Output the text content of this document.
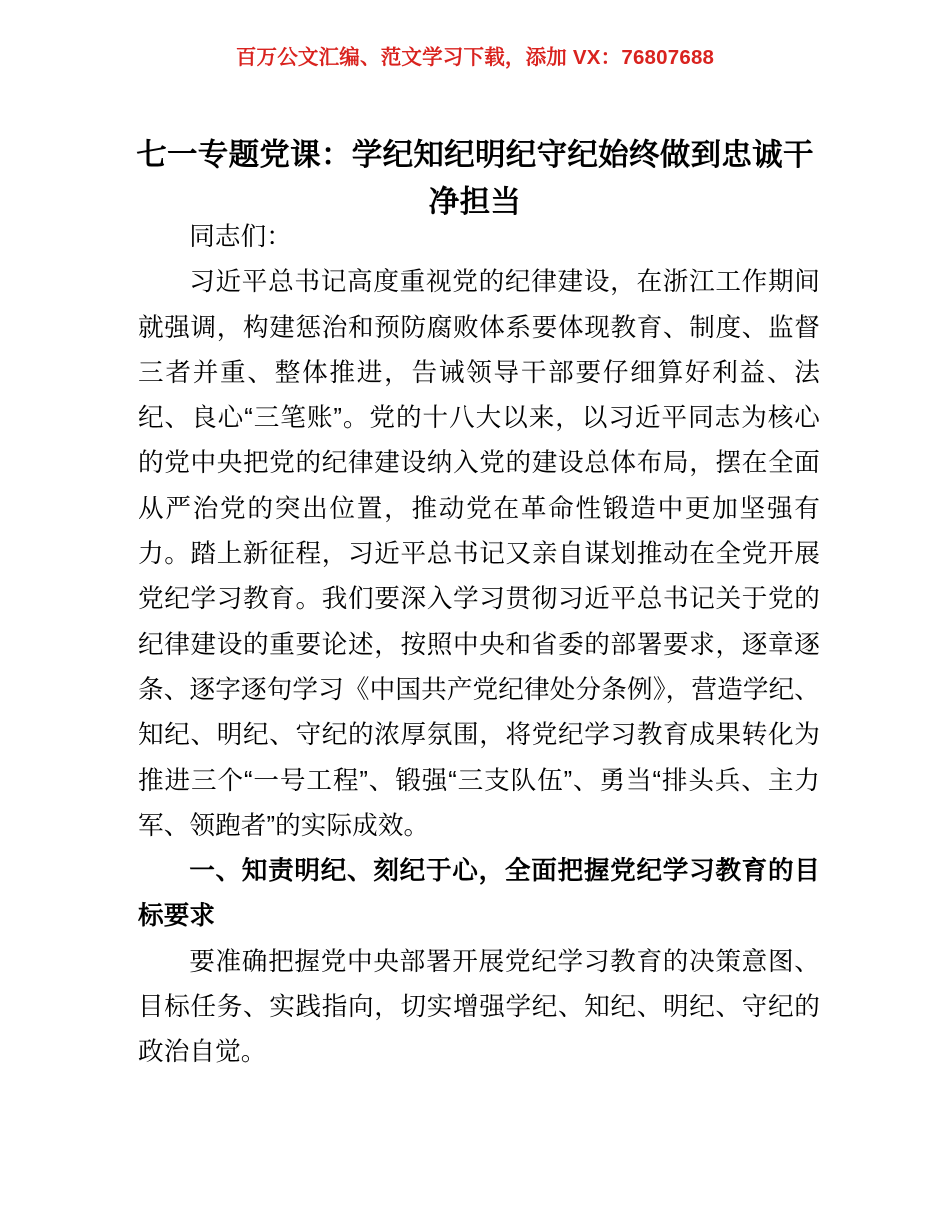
百万公文汇编、范文学习下载，添加 VX：76807688
七一专题党课：学纪知纪明纪守纪始终做到忠诚干净担当

同志们：

习近平总书记高度重视党的纪律建设，在浙江工作期间就强调，构建惩治和预防腐败体系要体现教育、制度、监督三者并重、整体推进，告诫领导干部要仔细算好利益、法纪、良心“三笔账”。党的十八大以来，以习近平同志为核心的党中央把党的纪律建设纳入党的建设总体布局，摆在全面从严治党的突出位置，推动党在革命性锻造中更加坚强有力。踏上新征程，习近平总书记又亲自谋划推动在全党开展党纪学习教育。我们要深入学习贯彻习近平总书记关于党的纪律建设的重要论述，按照中央和省委的部署要求，逐章逐条、逐字逐句学习《中国共产党纪律处分条例》，营造学纪、知纪、明纪、守纪的浓厚氛围，将党纪学习教育成果转化为推进三个“一号工程”、锻强“三支队伍”、勇当“排头兵、主力军、领跑者”的实际成效。

一、知责明纪、刻纪于心，全面把握党纪学习教育的目标要求

要准确把握党中央部署开展党纪学习教育的决策意图、目标任务、实践指向，切实增强学纪、知纪、明纪、守纪的政治自觉。
